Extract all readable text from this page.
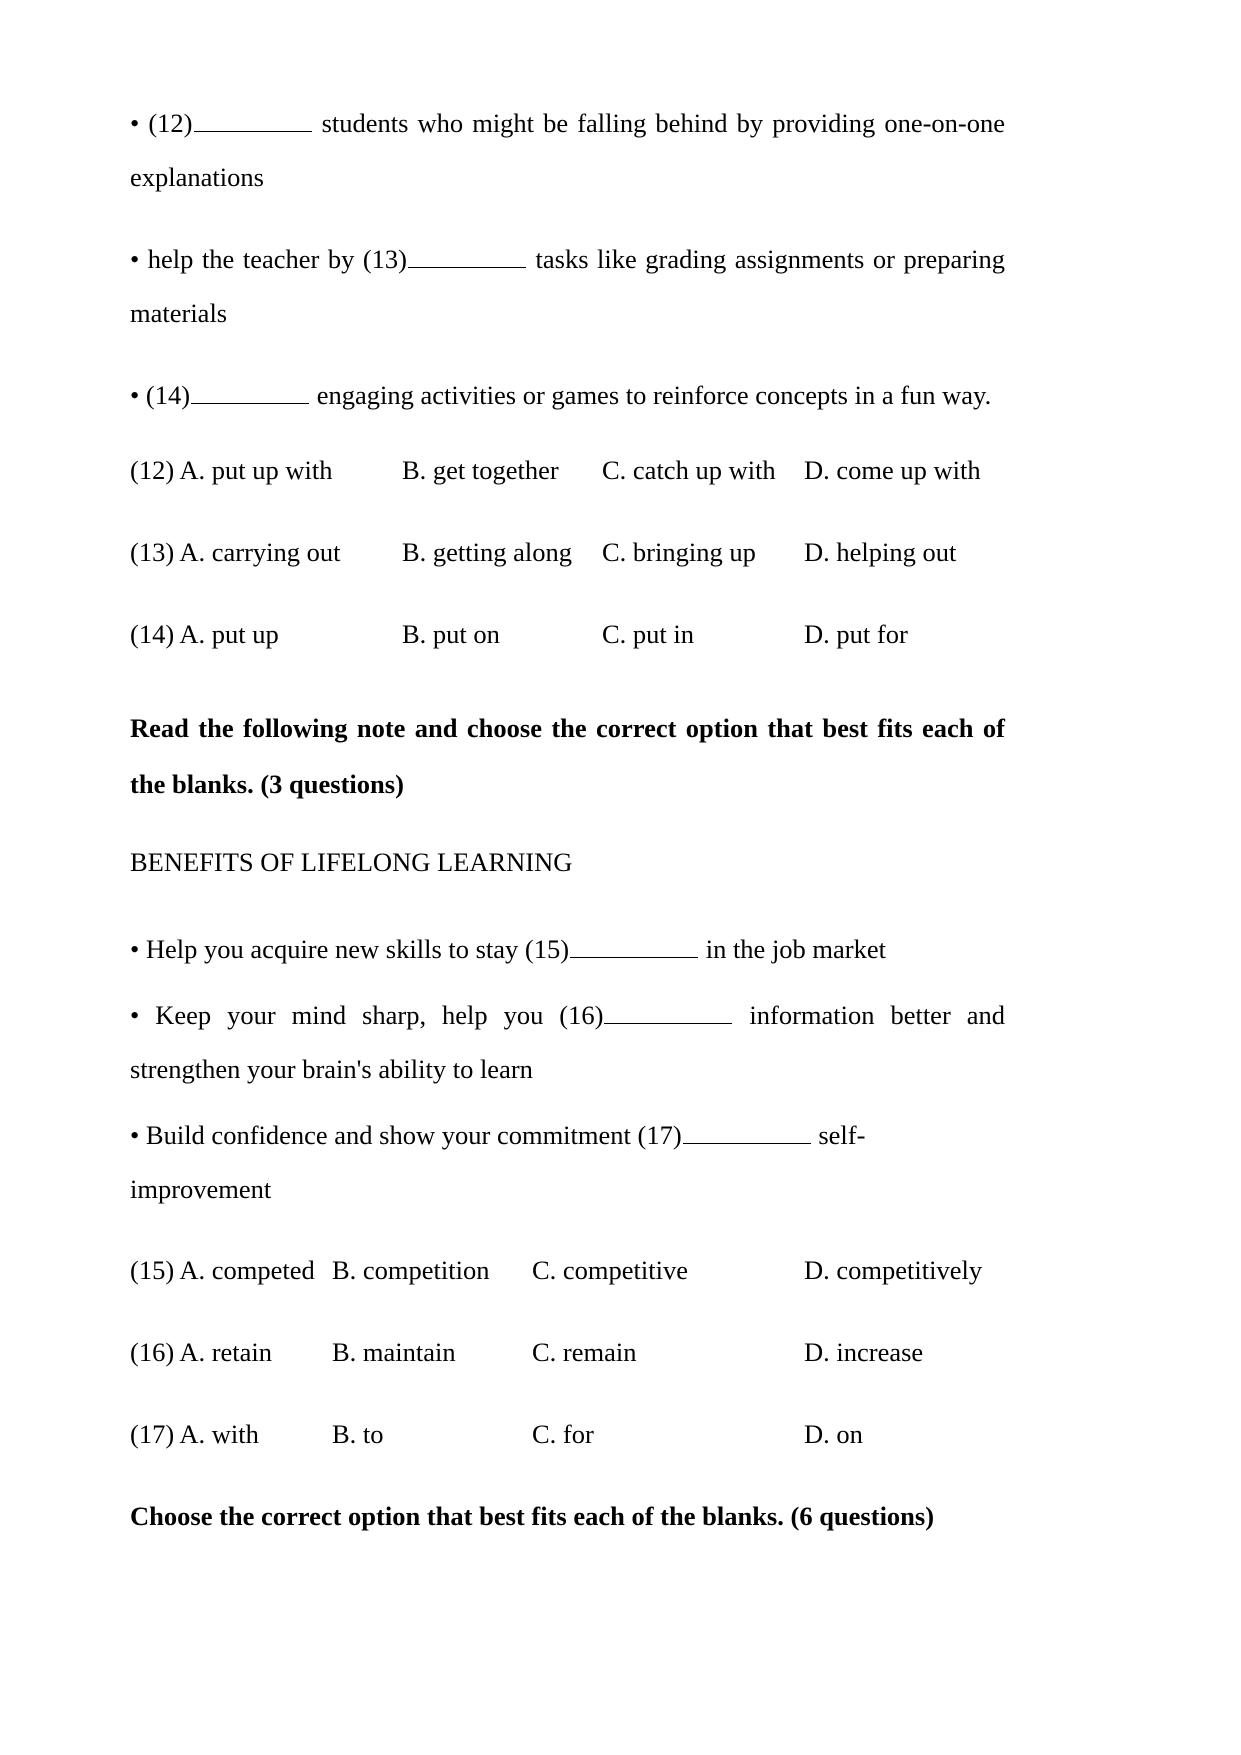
• (12)	students who might be falling behind by providing one-on-one explanations

• help the teacher by (13)	tasks like grading assignments or preparing materials

• (14)	engaging activities or games to reinforce concepts in a fun way.

(12) A. put up with	B. get together C. catch up with D. come up with
(13) A. carrying out B. getting along C. bringing up D. helping out
(14) A. put up	B. put on	C. put in	D. put for

Read the following note and choose the correct option that best fits each of the blanks. (3 questions)

BENEFITS OF LIFELONG LEARNING

• Help you acquire new skills to stay (15)	in the job market

• Keep your mind sharp, help you (16)	information better and strengthen your brain's ability to learn

• Build confidence and show your commitment (17)	self-improvement

(15) A. competed B. competition C. competitive	D. competitively
(16) A. retain B. maintain	C. remain	D. increase
(17) A. with	B. to	C. for	D. on

Choose the correct option that best fits each of the blanks. (6 questions)
